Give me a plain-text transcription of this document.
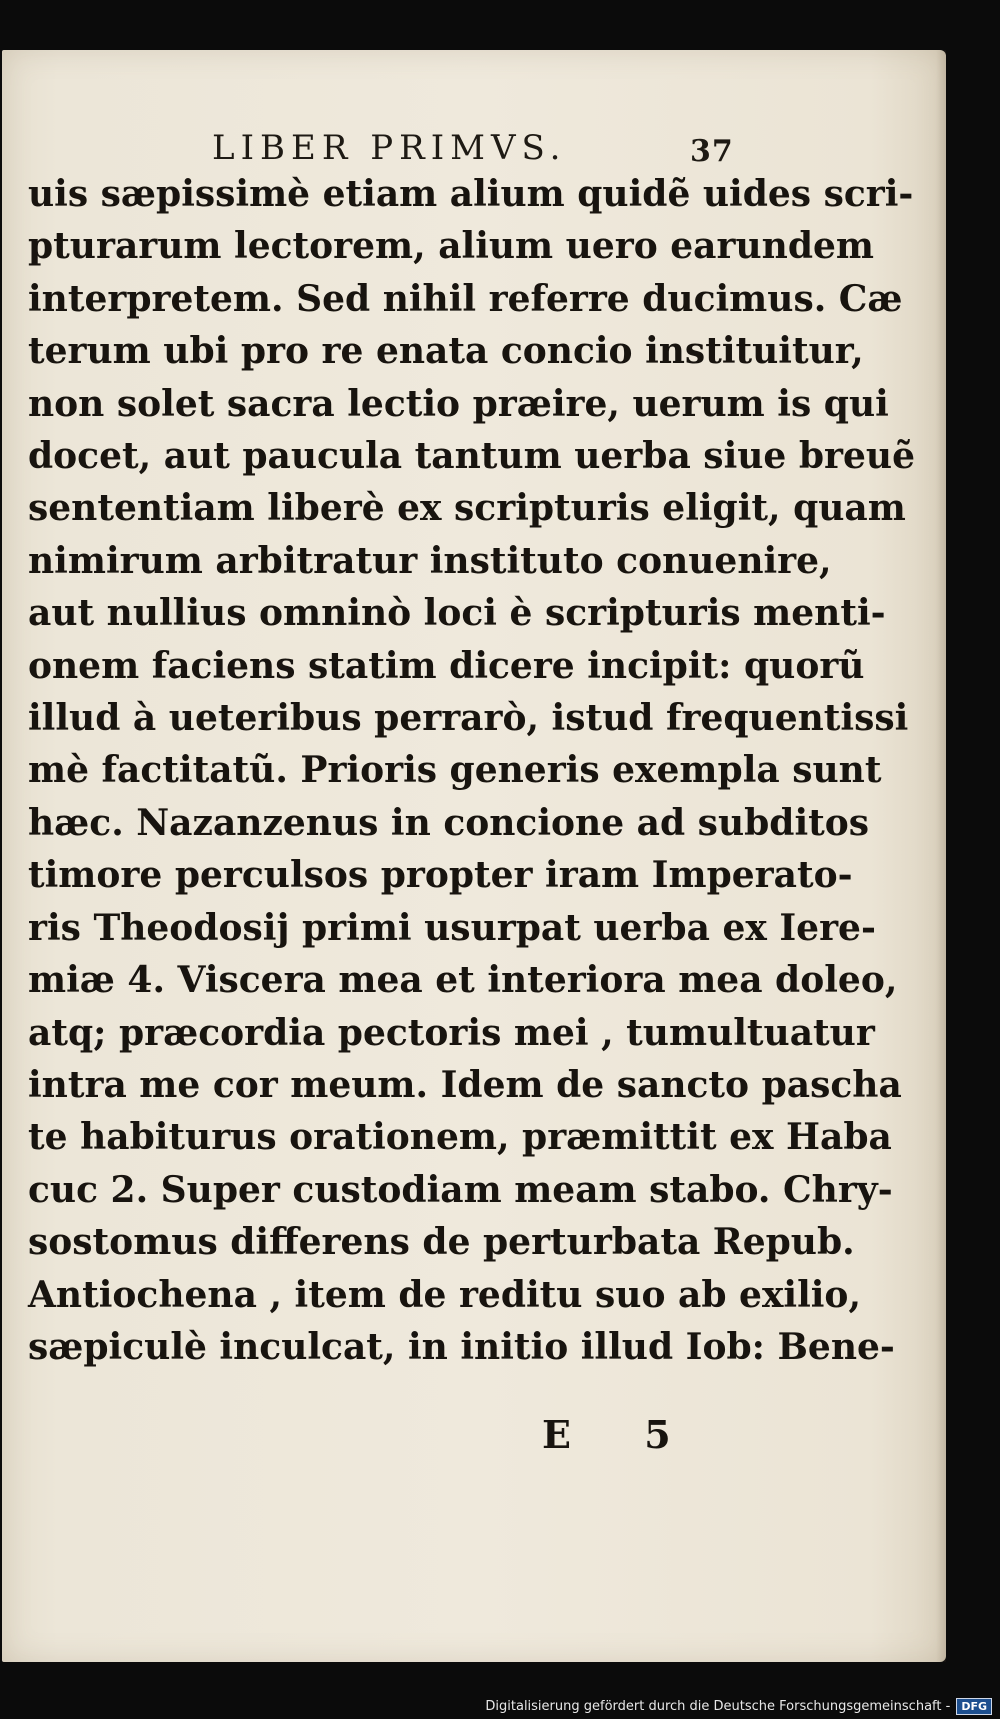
LIBER PRIMVS.	37
uis sæpissimè etiam alium quidẽ uides scri-
pturarum lectorem, alium uero earundem
interpretem. Sed nihil referre ducimus. Cæ
terum ubi pro re enata concio instituitur,
non solet sacra lectio præire, uerum is qui
docet, aut paucula tantum uerba siue breuẽ
sententiam liberè ex scripturis eligit, quam
nimirum arbitratur instituto conuenire,
aut nullius omninò loci è scripturis menti-
onem faciens statim dicere incipit: quorũ
illud à ueteribus perrarò, istud frequentissi
mè factitatũ. Prioris generis exempla sunt
hæc. Nazanzenus in concione ad subditos
timore perculsos propter iram Imperato-
ris Theodosij primi usurpat uerba ex Iere-
miæ 4. Viscera mea et interiora mea doleo,
atq; præcordia pectoris mei , tumultuatur
intra me cor meum. Idem de sancto pascha
te habiturus orationem, præmittit ex Haba
cuc 2. Super custodiam meam stabo. Chry-
sostomus differens de perturbata Repub.
Antiochena , item de reditu suo ab exilio,
sæpiculè inculcat, in initio illud Iob: Bene-
E 5
Digitalisierung gefördert durch die Deutsche Forschungsgemeinschaft -	DFG
